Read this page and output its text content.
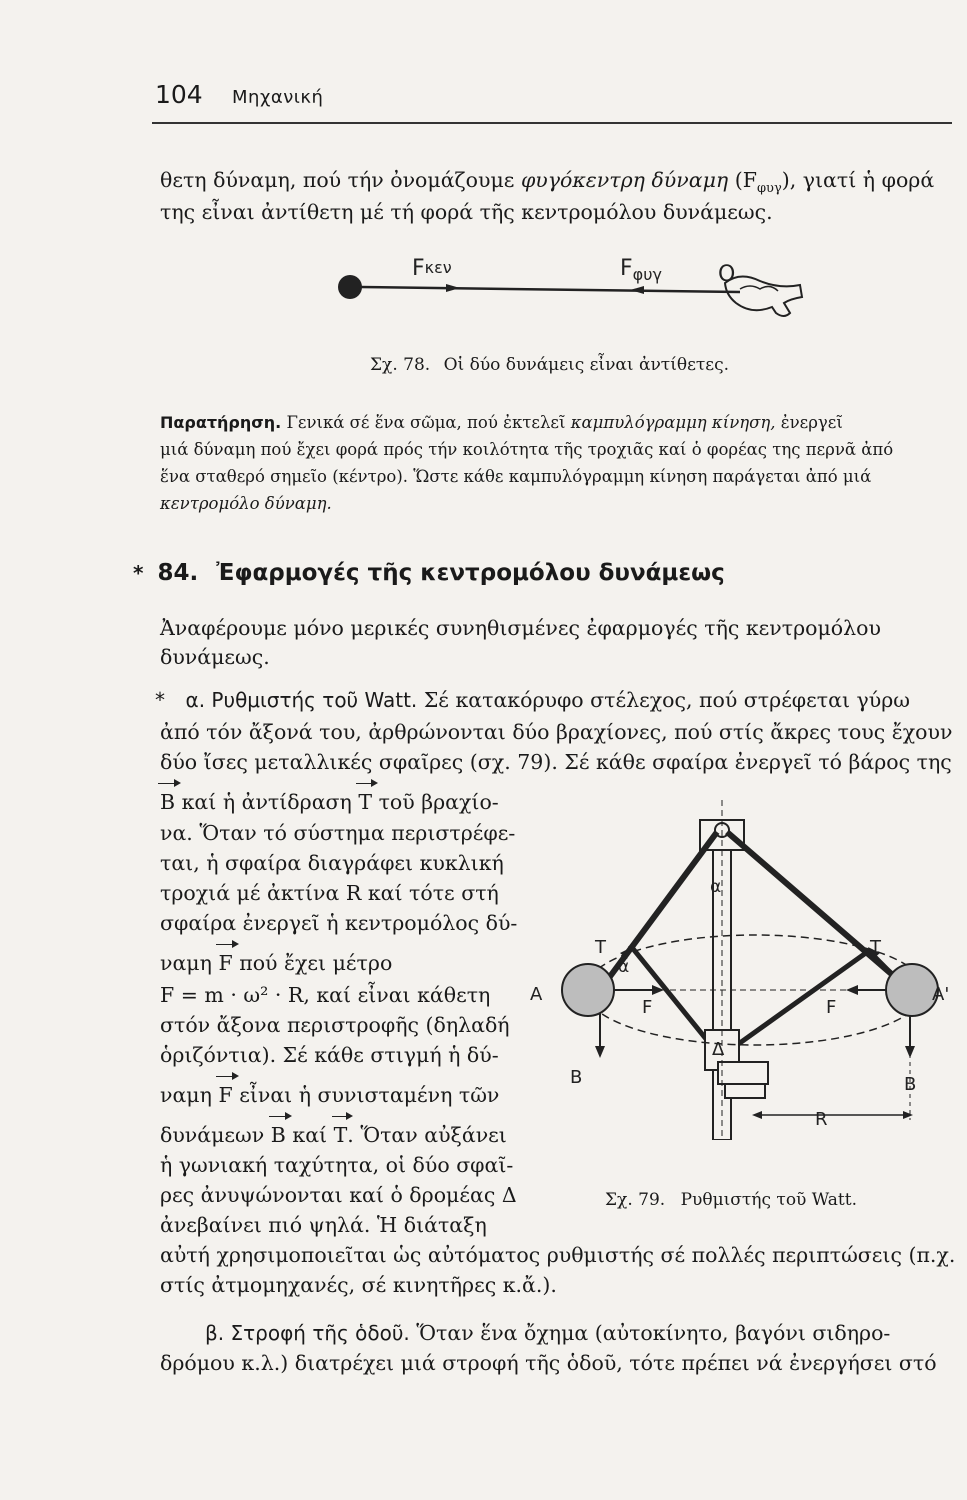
104 Μηχανική
θετη δύναμη, πού τήν ὀνομάζουμε φυγόκεντρη δύναμη $(F_{\varphi\upsilon\gamma})$, γιατί ἡ φορά
της εἶναι ἀντίθετη μέ τή φορά τῆς κεντρομόλου δυνάμεως.
Fκεν	$F_{\varphi\upsilon\gamma}$	O
Σχ. 78. Οἱ δύο δυνάμεις εἶναι ἀντίθετες.
Παρατήρηση. Γενικά σέ ἕνα σῶμα, πού ἐκτελεῖ καμπυλόγραμμη κίνηση, ἐνεργεῖ
μιά δύναμη πού ἔχει φορά πρός τήν κοιλότητα τῆς τροχιᾶς καί ὁ φορέας της περνᾶ ἀπό
ἕνα σταθερό σημεῖο (κέντρο). Ὥστε κάθε καμπυλόγραμμη κίνηση παράγεται ἀπό μιά
κεντρομόλο δύναμη.
* 84. Ἐφαρμογές τῆς κεντρομόλου δυνάμεως
Ἀναφέρουμε μόνο μερικές συνηθισμένες ἐφαρμογές τῆς κεντρομόλου
δυνάμεως.
* α. Ρυθμιστής τοῦ Watt. Σέ κατακόρυφο στέλεχος, πού στρέφεται γύρω
ἀπό τόν ἄξονά του, ἀρθρώνονται δύο βραχίονες, πού στίς ἄκρες τους ἔχουν
δύο ἴσες μεταλλικές σφαῖρες (σχ. 79). Σέ κάθε σφαίρα ἐνεργεῖ τό βάρος της
B καί ἡ ἀντίδραση T τοῦ βραχίο-
να. Ὅταν τό σύστημα περιστρέφε-
ται, ἡ σφαίρα διαγράφει κυκλική
τροχιά μέ ἀκτίνα R καί τότε στή
σφαίρα ἐνεργεῖ ἡ κεντρομόλος δύ-
ναμη F πού ἔχει μέτρο
F = m · ω² · R, καί εἶναι κάθετη
στόν ἄξονα περιστροφῆς (δηλαδή
ὁριζόντια). Σέ κάθε στιγμή ἡ δύ-
ναμη F εἶναι ἡ συνισταμένη τῶν
δυνάμεων B καί T. Ὅταν αὐξάνει
ἡ γωνιακή ταχύτητα, οἱ δύο σφαῖ-
ρες ἀνυψώνονται καί ὁ δρομέας Δ
ἀνεβαίνει πιό ψηλά. Ἡ διάταξη
αὐτή χρησιμοποιεῖται ὡς αὐτόματος ρυθμιστής σέ πολλές περιπτώσεις (π.χ.
στίς ἀτμομηχανές, σέ κινητῆρες κ.ἄ.).
A	A'
T	T
α
α
F	F
B	B
Δ
R
Σχ. 79. Ρυθμιστής τοῦ Watt.
β. Στροφή τῆς ὁδοῦ. Ὅταν ἕνα ὄχημα (αὐτοκίνητο, βαγόνι σιδηρο-
δρόμου κ.λ.) διατρέχει μιά στροφή τῆς ὁδοῦ, τότε πρέπει νά ἐνεργήσει στό
